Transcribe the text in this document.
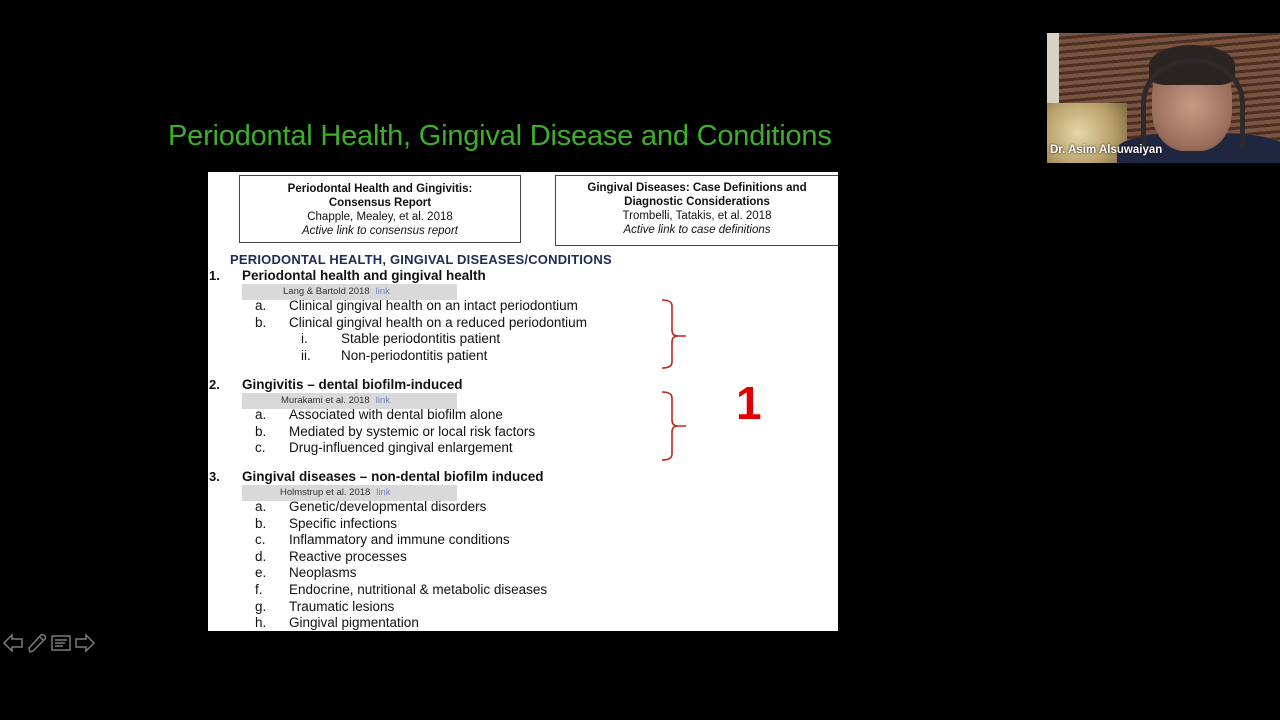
Periodontal Health, Gingival Disease and Conditions
Periodontal Health and Gingivitis:
Consensus Report
Chapple, Mealey, et al. 2018
Active link to consensus report
Gingival Diseases: Case Definitions and
Diagnostic Considerations
Trombelli, Tatakis, et al. 2018
Active link to case definitions
PERIODONTAL HEALTH, GINGIVAL DISEASES/CONDITIONS
1. Periodontal health and gingival health
Lang & Bartold 2018 link
a. Clinical gingival health on an intact periodontium
b. Clinical gingival health on a reduced periodontium
i. Stable periodontitis patient
ii. Non-periodontitis patient
2. Gingivitis – dental biofilm-induced
Murakami et al. 2018 link
a. Associated with dental biofilm alone
b. Mediated by systemic or local risk factors
c. Drug-influenced gingival enlargement
3. Gingival diseases – non-dental biofilm induced
Holmstrup et al. 2018 link
a. Genetic/developmental disorders
b. Specific infections
c. Inflammatory and immune conditions
d. Reactive processes
e. Neoplasms
f. Endocrine, nutritional & metabolic diseases
g. Traumatic lesions
h. Gingival pigmentation
1
Dr. Asim Alsuwaiyan
